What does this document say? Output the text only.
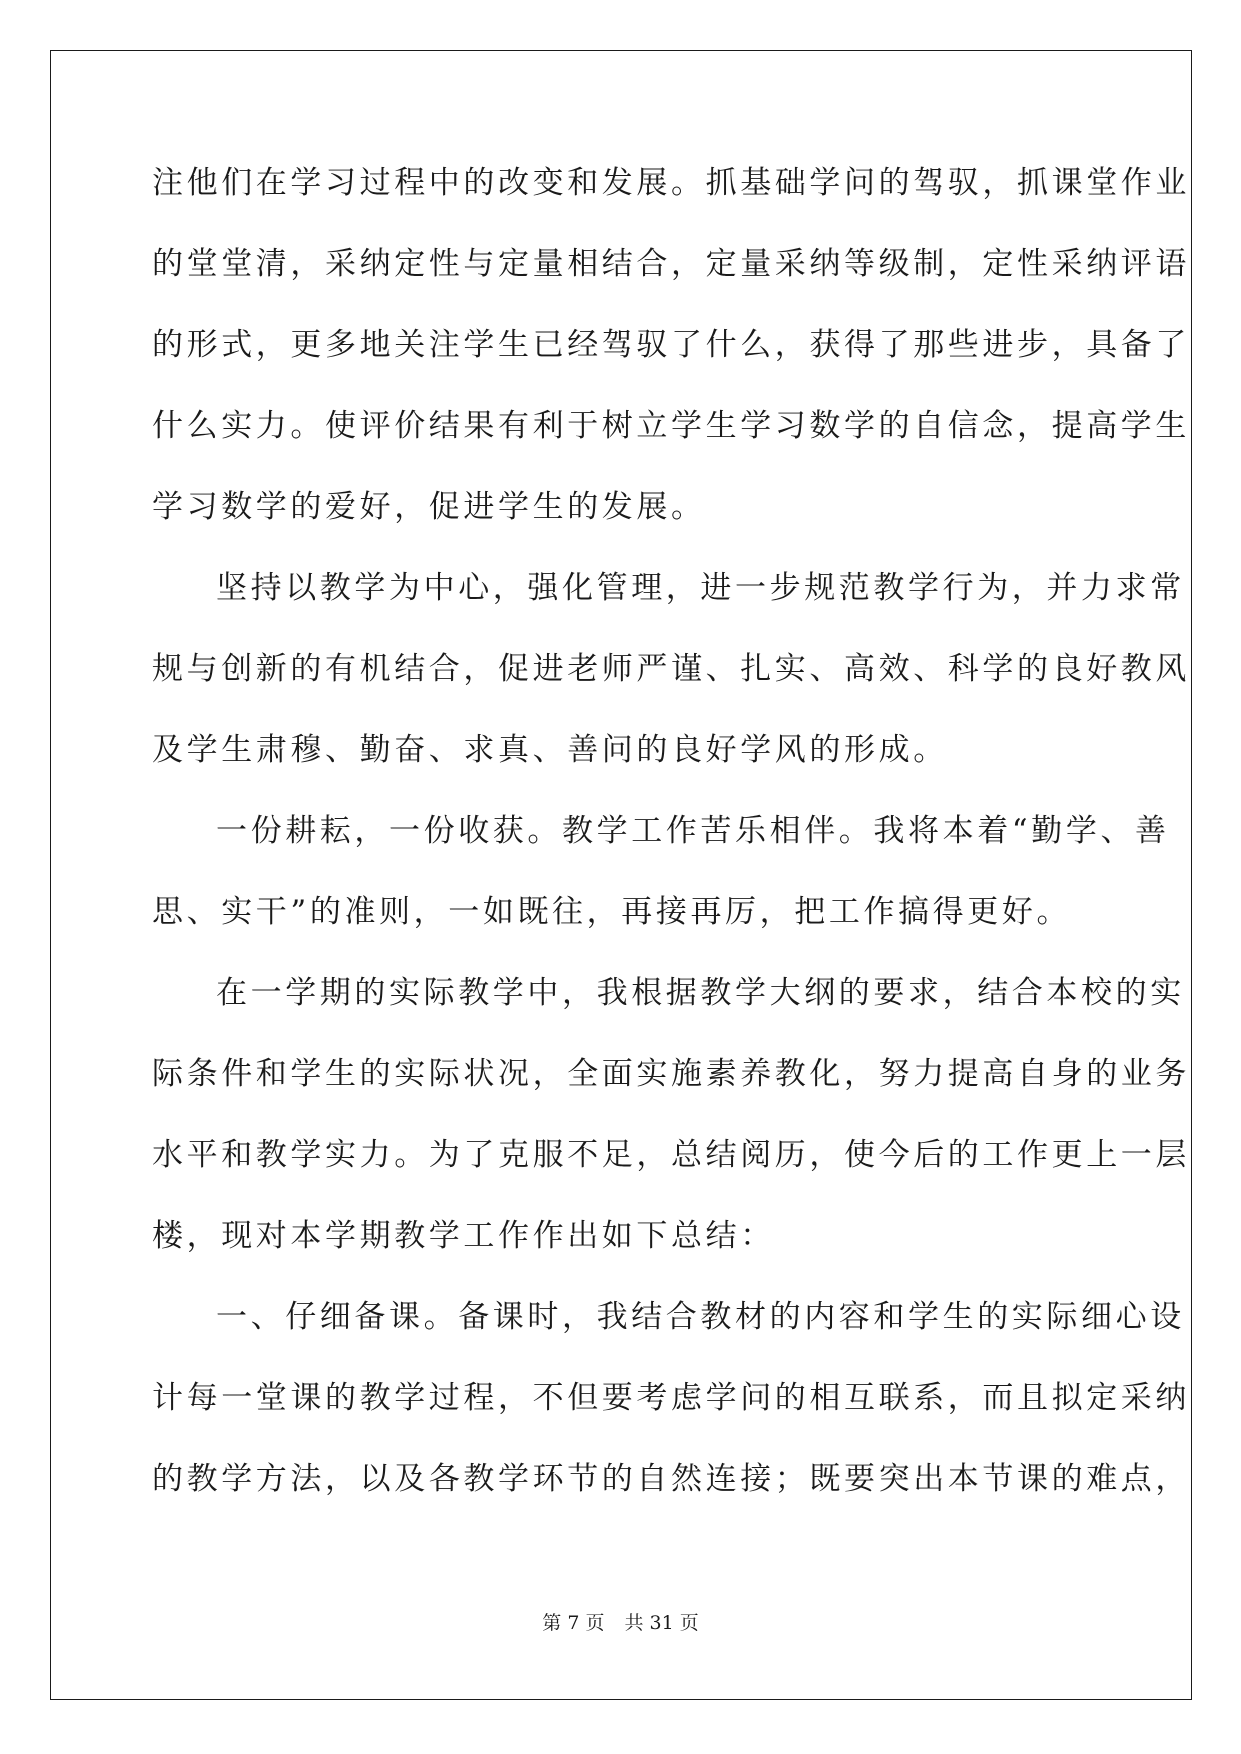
注他们在学习过程中的改变和发展。抓基础学问的驾驭，抓课堂作业
的堂堂清，采纳定性与定量相结合，定量采纳等级制，定性采纳评语
的形式，更多地关注学生已经驾驭了什么，获得了那些进步，具备了
什么实力。使评价结果有利于树立学生学习数学的自信念，提高学生
学习数学的爱好，促进学生的发展。
坚持以教学为中心，强化管理，进一步规范教学行为，并力求常
规与创新的有机结合，促进老师严谨、扎实、高效、科学的良好教风
及学生肃穆、勤奋、求真、善问的良好学风的形成。
一份耕耘，一份收获。教学工作苦乐相伴。我将本着“勤学、善
思、实干”的准则，一如既往，再接再厉，把工作搞得更好。
在一学期的实际教学中，我根据教学大纲的要求，结合本校的实
际条件和学生的实际状况，全面实施素养教化，努力提高自身的业务
水平和教学实力。为了克服不足，总结阅历，使今后的工作更上一层
楼，现对本学期教学工作作出如下总结：
一、仔细备课。备课时，我结合教材的内容和学生的实际细心设
计每一堂课的教学过程，不但要考虑学问的相互联系，而且拟定采纳
的教学方法，以及各教学环节的自然连接；既要突出本节课的难点，
第 7 页 共 31 页
